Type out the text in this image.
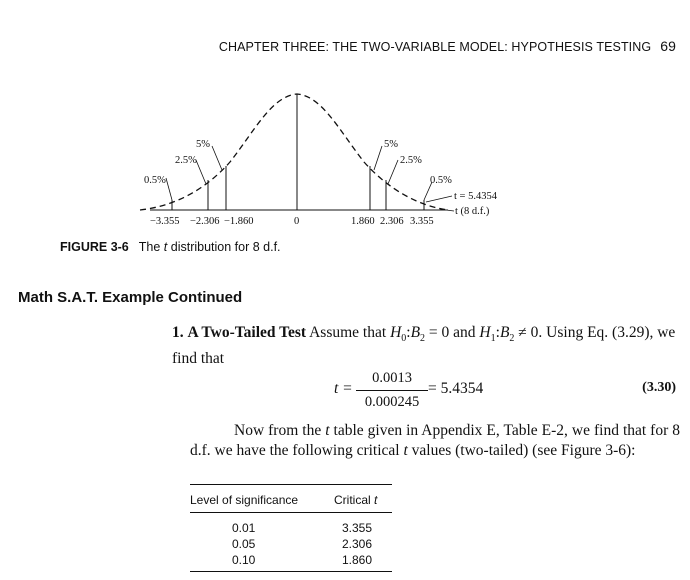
CHAPTER THREE: THE TWO-VARIABLE MODEL: HYPOTHESIS TESTING 69
5%
2.5%
0.5%
5%
2.5%
0.5%
t = 5.4354
t (8 d.f.)
−3.355 −2.306 −1.860	0	1.860 2.306 3.355
FIGURE 3-6 The t distribution for 8 d.f.
Math S.A.T. Example Continued
1. A Two-Tailed Test Assume that $H_0:B_2 = 0$ and $H_1:B_2 \ne 0$. Using Eq. (3.29), we find that
$t = \frac{0.0013}{0.000245} = 5.4354$	(3.30)
Now from the t table given in Appendix E, Table E-2, we find that for 8 d.f. we have the following critical t values (two-tailed) (see Figure 3-6):
Level of significance	Critical t
0.01	3.355
0.05	2.306
0.10	1.860
